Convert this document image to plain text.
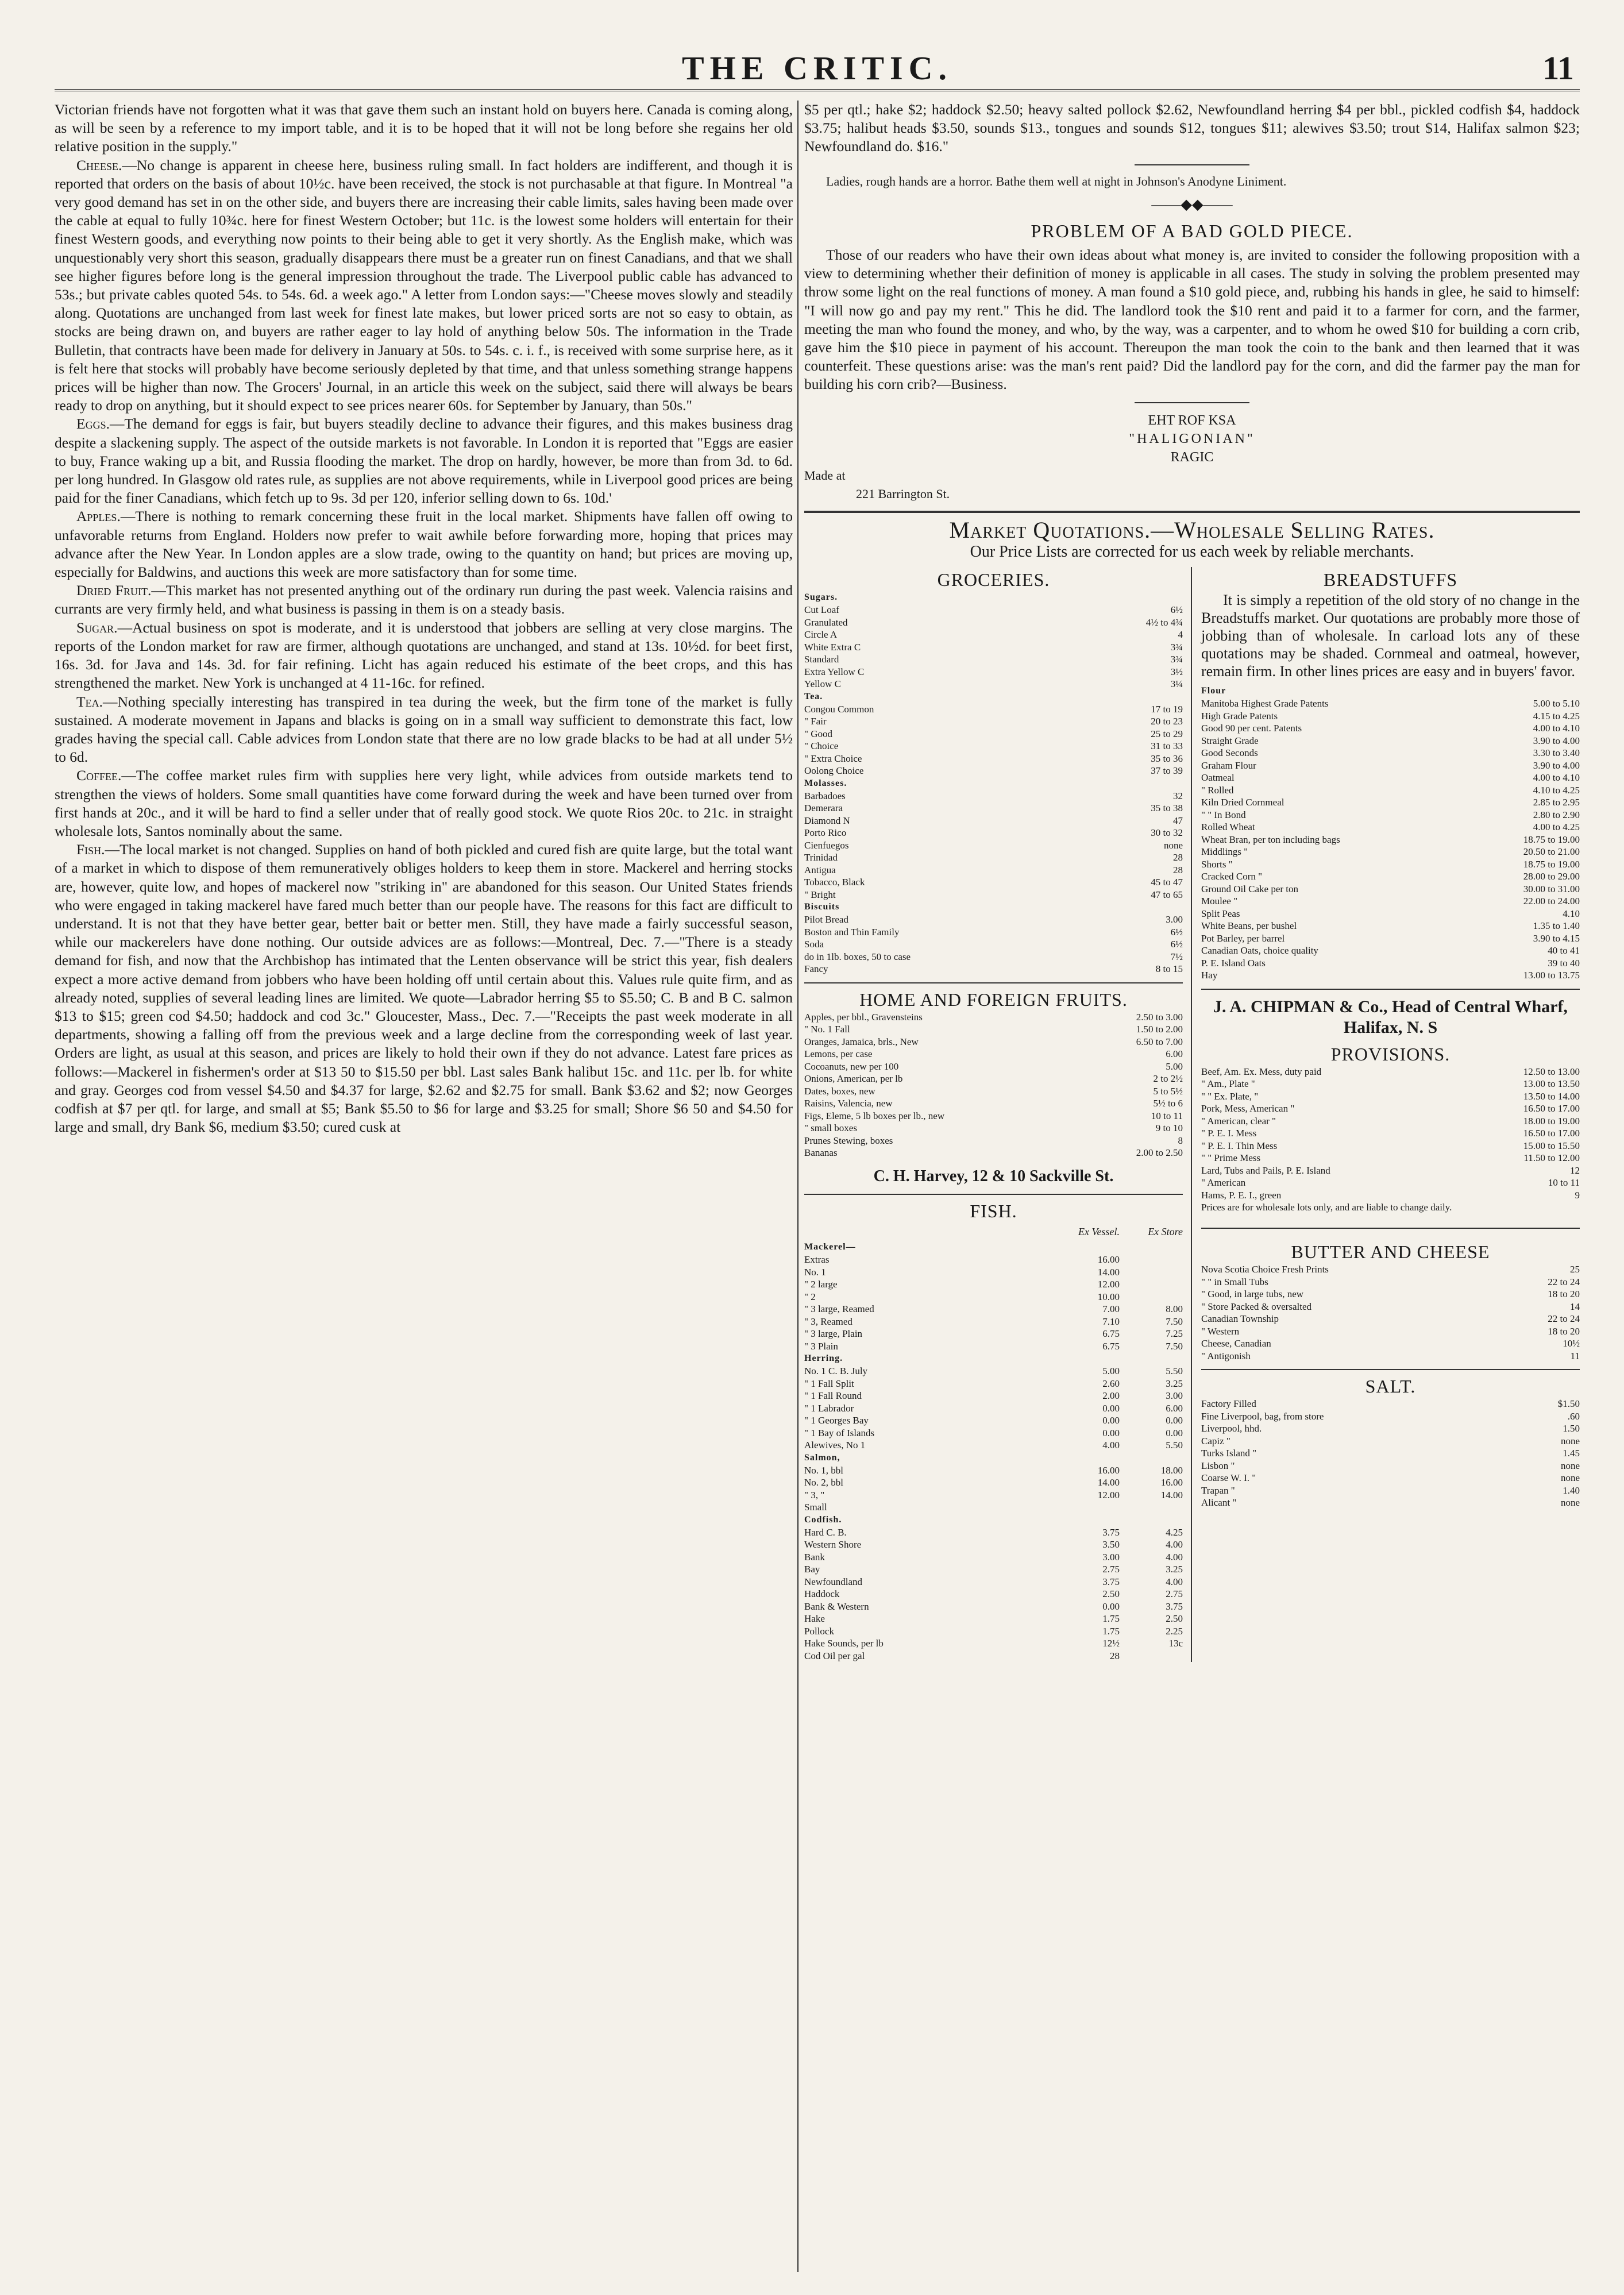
THE CRITIC.	11

Victorian friends have not forgotten what it was that gave them such an instant hold on buyers here. Canada is coming along, as will be seen by a reference to my import table, and it is to be hoped that it will not be long before she regains her old relative position in the supply."

Cheese.—No change is apparent in cheese here, business ruling small. In fact holders are indifferent, and though it is reported that orders on the basis of about 10½c. have been received, the stock is not purchasable at that figure. In Montreal "a very good demand has set in on the other side, and buyers there are increasing their cable limits, sales having been made over the cable at equal to fully 10¾c. here for finest Western October; but 11c. is the lowest some holders will entertain for their finest Western goods, and everything now points to their being able to get it very shortly. As the English make, which was unquestionably very short this season, gradually disappears there must be a greater run on finest Canadians, and that we shall see higher figures before long is the general impression throughout the trade. The Liverpool public cable has advanced to 53s.; but private cables quoted 54s. to 54s. 6d. a week ago." A letter from London says:—"Cheese moves slowly and steadily along. Quotations are unchanged from last week for finest late makes, but lower priced sorts are not so easy to obtain, as stocks are being drawn on, and buyers are rather eager to lay hold of anything below 50s. The information in the Trade Bulletin, that contracts have been made for delivery in January at 50s. to 54s. c. i. f., is received with some surprise here, as it is felt here that stocks will probably have become seriously depleted by that time, and that unless something strange happens prices will be higher than now. The Grocers' Journal, in an article this week on the subject, said there will always be bears ready to drop on anything, but it should expect to see prices nearer 60s. for September by January, than 50s."

Eggs.—The demand for eggs is fair, but buyers steadily decline to advance their figures, and this makes business drag despite a slackening supply. The aspect of the outside markets is not favorable. In London it is reported that "Eggs are easier to buy, France waking up a bit, and Russia flooding the market. The drop on hardly, however, be more than from 3d. to 6d. per long hundred. In Glasgow old rates rule, as supplies are not above requirements, while in Liverpool good prices are being paid for the finer Canadians, which fetch up to 9s. 3d per 120, inferior selling down to 6s. 10d.'

Apples.—There is nothing to remark concerning these fruit in the local market. Shipments have fallen off owing to unfavorable returns from England. Holders now prefer to wait awhile before forwarding more, hoping that prices may advance after the New Year. In London apples are a slow trade, owing to the quantity on hand; but prices are moving up, especially for Baldwins, and auctions this week are more satisfactory than for some time.

Dried Fruit.—This market has not presented anything out of the ordinary run during the past week. Valencia raisins and currants are very firmly held, and what business is passing in them is on a steady basis.

Sugar.—Actual business on spot is moderate, and it is understood that jobbers are selling at very close margins. The reports of the London market for raw are firmer, although quotations are unchanged, and stand at 13s. 10½d. for beet first, 16s. 3d. for Java and 14s. 3d. for fair refining. Licht has again reduced his estimate of the beet crops, and this has strengthened the market. New York is unchanged at 4 11-16c. for refined.

Tea.—Nothing specially interesting has transpired in tea during the week, but the firm tone of the market is fully sustained. A moderate movement in Japans and blacks is going on in a small way sufficient to demonstrate this fact, low grades having the special call. Cable advices from London state that there are no low grade blacks to be had at all under 5½ to 6d.

Coffee.—The coffee market rules firm with supplies here very light, while advices from outside markets tend to strengthen the views of holders. Some small quantities have come forward during the week and have been turned over from first hands at 20c., and it will be hard to find a seller under that of really good stock. We quote Rios 20c. to 21c. in straight wholesale lots, Santos nominally about the same.

Fish.—The local market is not changed. Supplies on hand of both pickled and cured fish are quite large, but the total want of a market in which to dispose of them remuneratively obliges holders to keep them in store. Mackerel and herring stocks are, however, quite low, and hopes of mackerel now "striking in" are abandoned for this season. Our United States friends who were engaged in taking mackerel have fared much better than our people have. The reasons for this fact are difficult to understand. It is not that they have better gear, better bait or better men. Still, they have made a fairly successful season, while our mackerelers have done nothing. Our outside advices are as follows:—Montreal, Dec. 7.—"There is a steady demand for fish, and now that the Archbishop has intimated that the Lenten observance will be strict this year, fish dealers expect a more active demand from jobbers who have been holding off until certain about this. Values rule quite firm, and as already noted, supplies of several leading lines are limited. We quote—Labrador herring $5 to $5.50; C. B and B C. salmon $13 to $15; green cod $4.50; haddock and cod 3c." Gloucester, Mass., Dec. 7.—"Receipts the past week moderate in all departments, showing a falling off from the previous week and a large decline from the corresponding week of last year. Orders are light, as usual at this season, and prices are likely to hold their own if they do not advance. Latest fare prices as follows:—Mackerel in fishermen's order at $13 50 to $15.50 per bbl. Last sales Bank halibut 15c. and 11c. per lb. for white and gray. Georges cod from vessel $4.50 and $4.37 for large, $2.62 and $2.75 for small. Bank $3.62 and $2; now Georges codfish at $7 per qtl. for large, and small at $5; Bank $5.50 to $6 for large and $3.25 for small; Shore $6 50 and $4.50 for large and small, dry Bank $6, medium $3.50; cured cusk at

$5 per qtl.; hake $2; haddock $2.50; heavy salted pollock $2.62, Newfoundland herring $4 per bbl., pickled codfish $4, haddock $3.75; halibut heads $3.50, sounds $13., tongues and sounds $12, tongues $11; alewives $3.50; trout $14, Halifax salmon $23; Newfoundland do. $16."

Ladies, rough hands are a horror. Bathe them well at night in Johnson's Anodyne Liniment.

——◆◆——
PROBLEM OF A BAD GOLD PIECE.

Those of our readers who have their own ideas about what money is, are invited to consider the following proposition with a view to determining whether their definition of money is applicable in all cases. The study in solving the problem presented may throw some light on the real functions of money. A man found a $10 gold piece, and, rubbing his hands in glee, he said to himself: "I will now go and pay my rent." This he did. The landlord took the $10 rent and paid it to a farmer for corn, and the farmer, meeting the man who found the money, and who, by the way, was a carpenter, and to whom he owed $10 for building a corn crib, gave him the $10 piece in payment of his account. Thereupon the man took the coin to the bank and then learned that it was counterfeit. These questions arise: was the man's rent paid? Did the landlord pay for the corn, and did the farmer pay the man for building his corn crib?—Business.

EHT ROF KSA
"HALIGONIAN"
RAGIC
Made at
221 Barrington St.
Market Quotations.—Wholesale Selling Rates.
Our Price Lists are corrected for us each week by reliable merchants.
GROCERIES.
Sugars.
Cut Loaf	6½
Granulated	4½ to 4¾
Circle A	4
White Extra C	3¾
Standard	3¾
Extra Yellow C	3½
Yellow C	3¼
Tea.
Congou Common	17 to 19
" Fair	20 to 23
" Good	25 to 29
" Choice	31 to 33
" Extra Choice	35 to 36
Oolong Choice	37 to 39
Molasses.
Barbadoes	32
Demerara	35 to 38
Diamond N	47
Porto Rico	30 to 32
Cienfuegos	none
Trinidad	28
Antigua	28
Tobacco, Black	45 to 47
" Bright	47 to 65
Biscuits
Pilot Bread	3.00
Boston and Thin Family	6½
Soda	6½
do in 1lb. boxes, 50 to case	7½
Fancy	8 to 15
HOME AND FOREIGN FRUITS.
Apples, per bbl., Gravensteins	2.50 to 3.00
" No. 1 Fall	1.50 to 2.00
Oranges, Jamaica, brls., New	6.50 to 7.00
Lemons, per case	6.00
Cocoanuts, new per 100	5.00
Onions, American, per lb	2 to 2½
Dates, boxes, new	5 to 5½
Raisins, Valencia, new	5½ to 6
Figs, Eleme, 5 lb boxes per lb., new	10 to 11
" small boxes	9 to 10
Prunes Stewing, boxes	8
Bananas	2.00 to 2.50
C. H. Harvey, 12 & 10 Sackville St.
FISH.
Ex Vessel.	Ex Store
Mackerel—
Extras	16.00
No. 1	14.00
" 2 large	12.00
" 2	10.00
" 3 large, Reamed	7.00	8.00
" 3, Reamed	7.10	7.50
" 3 large, Plain	6.75	7.25
" 3 Plain	6.75	7.50
Herring.
No. 1 C. B. July	5.00	5.50
" 1 Fall Split	2.60	3.25
" 1 Fall Round	2.00	3.00
" 1 Labrador	0.00	6.00
" 1 Georges Bay	0.00	0.00
" 1 Bay of Islands	0.00	0.00
Alewives, No 1	4.00	5.50
Salmon,
No. 1, bbl	16.00	18.00
No. 2, bbl	14.00	16.00
" 3, "	12.00	14.00
Small
Codfish.
Hard C. B.	3.75	4.25
Western Shore	3.50	4.00
Bank	3.00	4.00
Bay	2.75	3.25
Newfoundland	3.75	4.00
Haddock	2.50	2.75
Bank & Western	0.00	3.75
Hake	1.75	2.50
Pollock	1.75	2.25
Hake Sounds, per lb	12½	13c
Cod Oil per gal	28
BREADSTUFFS

It is simply a repetition of the old story of no change in the Breadstuffs market. Our quotations are probably more those of jobbing than of wholesale. In carload lots any of these quotations may be shaded. Cornmeal and oatmeal, however, remain firm. In other lines prices are easy and in buyers' favor.

Flour
Manitoba Highest Grade Patents	5.00 to 5.10
High Grade Patents	4.15 to 4.25
Good 90 per cent. Patents	4.00 to 4.10
Straight Grade	3.90 to 4.00
Good Seconds	3.30 to 3.40
Graham Flour	3.90 to 4.00
Oatmeal	4.00 to 4.10
" Rolled	4.10 to 4.25
Kiln Dried Cornmeal	2.85 to 2.95
" " In Bond	2.80 to 2.90
Rolled Wheat	4.00 to 4.25
Wheat Bran, per ton including bags	18.75 to 19.00
Middlings "	20.50 to 21.00
Shorts "	18.75 to 19.00
Cracked Corn "	28.00 to 29.00
Ground Oil Cake per ton	30.00 to 31.00
Moulee "	22.00 to 24.00
Split Peas	4.10
White Beans, per bushel	1.35 to 1.40
Pot Barley, per barrel	3.90 to 4.15
Canadian Oats, choice quality	40 to 41
P. E. Island Oats	39 to 40
Hay	13.00 to 13.75
J. A. CHIPMAN & Co., Head of Central Wharf, Halifax, N. S
PROVISIONS.
Beef, Am. Ex. Mess, duty paid	12.50 to 13.00
" Am., Plate "	13.00 to 13.50
" " Ex. Plate, "	13.50 to 14.00
Pork, Mess, American "	16.50 to 17.00
" American, clear "	18.00 to 19.00
" P. E. I. Mess	16.50 to 17.00
" P. E. I. Thin Mess	15.00 to 15.50
" " Prime Mess	11.50 to 12.00
Lard, Tubs and Pails, P. E. Island	12
" American	10 to 11
Hams, P. E. I., green	9
Prices are for wholesale lots only, and are liable to change daily.
BUTTER AND CHEESE
Nova Scotia Choice Fresh Prints	25
" " in Small Tubs	22 to 24
" Good, in large tubs, new	18 to 20
" Store Packed & oversalted	14
Canadian Township	22 to 24
" Western	18 to 20
Cheese, Canadian	10½
" Antigonish	11
SALT.
Factory Filled	$1.50
Fine Liverpool, bag, from store	.60
Liverpool, hhd.	1.50
Capiz "	none
Turks Island "	1.45
Lisbon "	none
Coarse W. I. "	none
Trapan "	1.40
Alicant "	none
